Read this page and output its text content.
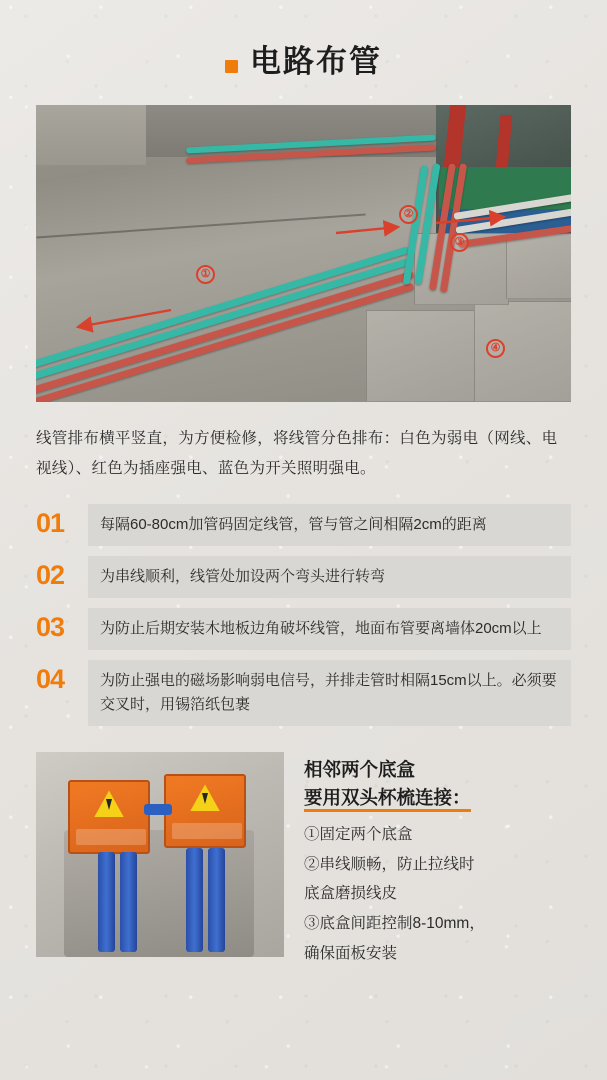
电路布管
①
②
③
④
线管排布横平竖直，为方便检修，将线管分色排布：白色为弱电（网线、电视线）、红色为插座强电、蓝色为开关照明强电。
01	每隔60-80cm加管码固定线管，管与管之间相隔2cm的距离
02	为串线顺利，线管处加设两个弯头进行转弯
03	为防止后期安装木地板边角破坏线管，地面布管要离墙体20cm以上
04	为防止强电的磁场影响弱电信号，并排走管时相隔15cm以上。必须要交叉时，用锡箔纸包裹
相邻两个底盒
要用双头杯梳连接：
①固定两个底盒
②串线顺畅，防止拉线时
底盒磨损线皮
③底盒间距控制8-10mm，
确保面板安装
